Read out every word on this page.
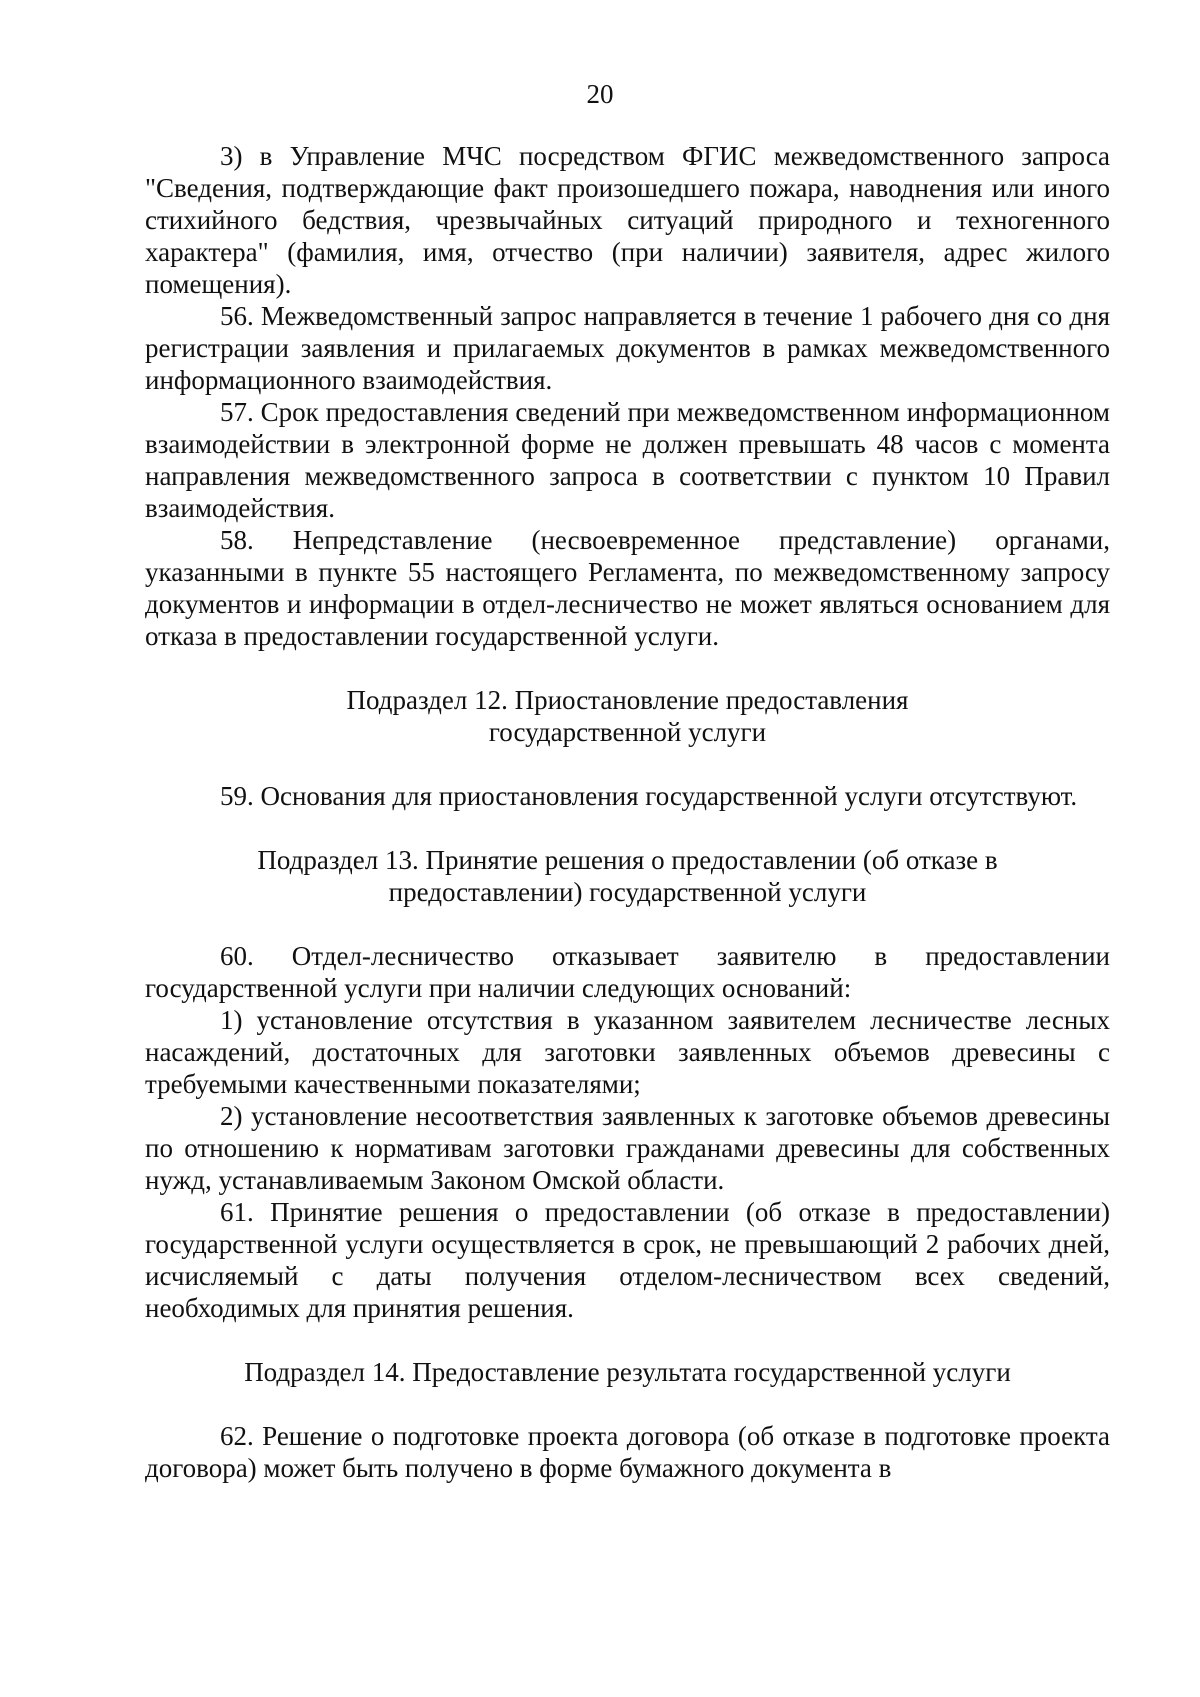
20

3) в Управление МЧС посредством ФГИС межведомственного запроса "Сведения, подтверждающие факт произошедшего пожара, наводнения или иного стихийного бедствия, чрезвычайных ситуаций природного и техногенного характера" (фамилия, имя, отчество (при наличии) заявителя, адрес жилого помещения).

56. Межведомственный запрос направляется в течение 1 рабочего дня со дня регистрации заявления и прилагаемых документов в рамках межведомственного информационного взаимодействия.

57. Срок предоставления сведений при межведомственном информационном взаимодействии в электронной форме не должен превышать 48 часов с момента направления межведомственного запроса в соответствии с пунктом 10 Правил взаимодействия.

58. Непредставление (несвоевременное представление) органами, указанными в пункте 55 настоящего Регламента, по межведомственному запросу документов и информации в отдел-лесничество не может являться основанием для отказа в предоставлении государственной услуги.

Подраздел 12. Приостановление предоставления
государственной услуги

59. Основания для приостановления государственной услуги отсутствуют.

Подраздел 13. Принятие решения о предоставлении (об отказе в
предоставлении) государственной услуги

60. Отдел-лесничество отказывает заявителю в предоставлении государственной услуги при наличии следующих оснований:

1) установление отсутствия в указанном заявителем лесничестве лесных насаждений, достаточных для заготовки заявленных объемов древесины с требуемыми качественными показателями;

2) установление несоответствия заявленных к заготовке объемов древесины по отношению к нормативам заготовки гражданами древесины для собственных нужд, устанавливаемым Законом Омской области.

61. Принятие решения о предоставлении (об отказе в предоставлении) государственной услуги осуществляется в срок, не превышающий 2 рабочих дней, исчисляемый с даты получения отделом-лесничеством всех сведений, необходимых для принятия решения.

Подраздел 14. Предоставление результата государственной услуги

62. Решение о подготовке проекта договора (об отказе в подготовке проекта договора) может быть получено в форме бумажного документа в
